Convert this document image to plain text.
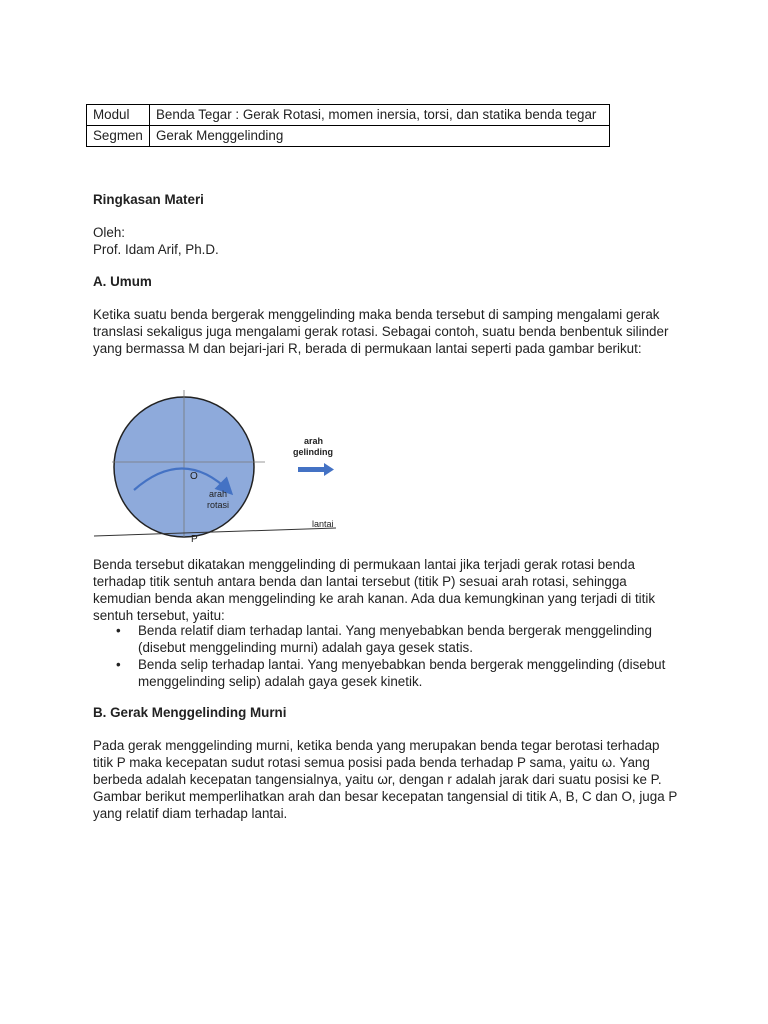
Modul	Benda Tegar : Gerak Rotasi, momen inersia, torsi, dan statika benda tegar
Segmen	Gerak Menggelinding

Ringkasan Materi

Oleh:

Prof. Idam Arif, Ph.D.

A. Umum

Ketika suatu benda bergerak menggelinding maka benda tersebut di samping mengalami gerak translasi sekaligus juga mengalami gerak rotasi. Sebagai contoh, suatu benda benbentuk silinder yang bermassa M dan bejari-jari R, berada di permukaan lantai seperti pada gambar berikut:

O
P
arah
rotasi
arah
gelinding
lantai

Benda tersebut dikatakan menggelinding di permukaan lantai jika terjadi gerak rotasi benda terhadap titik sentuh antara benda dan lantai tersebut (titik P) sesuai arah rotasi, sehingga kemudian benda akan menggelinding ke arah kanan. Ada dua kemungkinan yang terjadi di titik sentuh tersebut, yaitu:

• Benda relatif diam terhadap lantai. Yang menyebabkan benda bergerak menggelinding (disebut menggelinding murni) adalah gaya gesek statis.
• Benda selip terhadap lantai. Yang menyebabkan benda bergerak menggelinding (disebut menggelinding selip) adalah gaya gesek kinetik.

B. Gerak Menggelinding Murni

Pada gerak menggelinding murni, ketika benda yang merupakan benda tegar berotasi terhadap titik P maka kecepatan sudut rotasi semua posisi pada benda terhadap P sama, yaitu ω. Yang berbeda adalah kecepatan tangensialnya, yaitu ωr, dengan r adalah jarak dari suatu posisi ke P. Gambar berikut memperlihatkan arah dan besar kecepatan tangensial di titik A, B, C dan O, juga P yang relatif diam terhadap lantai.
